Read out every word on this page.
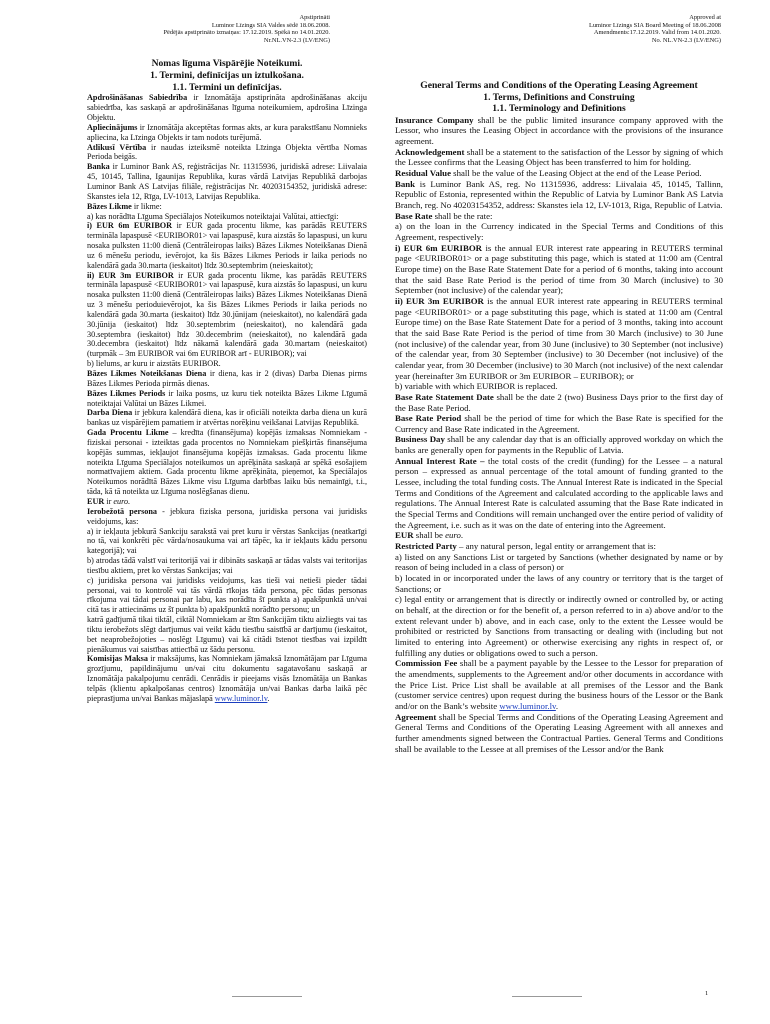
Apstiprināti
Luminor Līzings SIA Valdes sēdē 18.06.2008.
Pēdējās apstiprināto izmaiņas: 17.12.2019. Spēkā no 14.01.2020.
Nr.NL.VN-2.3 (LV/ENG)
Approved at
Luminor Līzings SIA Board Meeting of 18.06.2008
Amendments:17.12.2019. Valid from 14.01.2020.
No. NL.VN-2.3 (LV/ENG)
Nomas līguma Vispārējie Noteikumi.
1. Termini, definīcijas un iztulkošana.
1.1. Termini un definīcijas.

Apdrošināšanas Sabiedrība ir Iznomātāja apstiprināta apdrošināšanas akciju sabiedrība, kas saskaņā ar apdrošināšanas līguma noteikumiem, apdrošina Līzinga Objektu.

Apliecinājums ir Iznomātāja akceptētas formas akts, ar kura parakstīšanu Nomnieks apliecina, ka Līzinga Objekts ir tam nodots turējumā.

Atlikusī Vērtība ir naudas izteiksmē noteikta Līzinga Objekta vērtība Nomas Perioda beigās.

Banka ir Luminor Bank AS, reģistrācijas Nr. 11315936, juridiskā adrese: Liivalaia 45, 10145, Tallina, Igaunijas Republika, kuras vārdā Latvijas Republikā darbojas Luminor Bank AS Latvijas filiāle, reģistrācijas Nr. 40203154352, juridiskā adrese: Skanstes iela 12, Rīga, LV-1013, Latvijas Republika.

Bāzes Likme ir likme:

a) kas norādīta Līguma Speciālajos Noteikumos noteiktajai Valūtai, attiecīgi:

i) EUR 6m EURIBOR ir EUR gada procentu likme, kas parādās REUTERS termināla lapaspusē <EURIBOR01> vai lapaspusē, kura aizstās šo lapaspusi, un kuru nosaka pulksten 11:00 dienā (Centrāleiropas laiks) Bāzes Likmes Noteikšanas Dienā uz 6 mēnešu periodu, ievērojot, ka šis Bāzes Likmes Periods ir laika periods no kalendārā gada 30.marta (ieskaitot) līdz 30.septembrim (neieskaitot);

ii) EUR 3m EURIBOR ir EUR gada procentu likme, kas parādās REUTERS termināla lapaspusē <EURIBOR01> vai lapaspusē, kura aizstās šo lapaspusi, un kuru nosaka pulksten 11:00 dienā (Centrāleiropas laiks) Bāzes Likmes Noteikšanas Dienā uz 3 mēnešu perioduievērojot, ka šis Bāzes Likmes Periods ir laika periods no kalendārā gada 30.marta (ieskaitot) līdz 30.jūnijam (neieskaitot), no kalendārā gada 30.jūnija (ieskaitot) līdz 30.septembrim (neieskaitot), no kalendārā gada 30.septembra (ieskaitot) līdz 30.decembrim (neieskaitot), no kalendārā gada 30.decembra (ieskaitot) līdz nākamā kalendārā gada 30.martam (neieskaitot) (turpmāk – 3m EURIBOR vai 6m EURIBOR arī - EURIBOR); vai

b) lielums, ar kuru ir aizstāts EURIBOR.

Bāzes Likmes Noteikšanas Diena ir diena, kas ir 2 (divas) Darba Dienas pirms Bāzes Likmes Perioda pirmās dienas.

Bāzes Likmes Periods ir laika posms, uz kuru tiek noteikta Bāzes Likme Līgumā noteiktajai Valūtai un Bāzes Likmei.

Darba Diena ir jebkura kalendārā diena, kas ir oficiāli noteikta darba diena un kurā bankas uz vispārējiem pamatiem ir atvērtas norēķinu veikšanai Latvijas Republikā.

Gada Procentu Likme – kredīta (finansējuma) kopējās izmaksas Nomniekam - fiziskai personai - izteiktas gada procentos no Nomniekam piešķirtās finansējuma kopējās summas, iekļaujot finansējuma kopējās izmaksas. Gada procentu likme noteikta Līguma Speciālajos noteikumos un aprēķināta saskaņā ar spēkā esošajiem normatīvajiem aktiem. Gada procentu likme aprēķināta, pieņemot, ka Speciālajos Noteikumos norādītā Bāzes Likme visu Līguma darbības laiku būs nemainīgi, t.i., tāda, kā tā noteikta uz Līguma noslēgšanas dienu.

EUR ir euro.

Ierobežotā persona - jebkura fiziska persona, juridiska persona vai juridisks veidojums, kas:

a) ir iekļauta jebkurā Sankciju sarakstā vai pret kuru ir vērstas Sankcijas (neatkarīgi no tā, vai konkrēti pēc vārda/nosaukuma vai arī tāpēc, ka ir iekļauts kādu personu kategorijā); vai

b) atrodas tādā valstī vai teritorijā vai ir dibināts saskaņā ar tādas valsts vai teritorijas tiesību aktiem, pret ko vērstas Sankcijas; vai

c) juridiska persona vai juridisks veidojums, kas tieši vai netieši pieder tādai personai, vai to kontrolē vai tās vārdā rīkojas tāda persona, pēc tādas personas rīkojuma vai tādai personai par labu, kas norādīta šī punkta a) apakšpunktā un/vai citā tas ir attiecināms uz šī punkta b) apakšpunktā norādīto personu; un

katrā gadījumā tikai tiktāl, ciktāl Nomniekam ar šīm Sankcijām tiktu aizliegts vai tas tiktu ierobežots slēgt darījumus vai veikt kādu tiesību saistībā ar darījumu (ieskaitot, bet neaprobežojoties – noslēgt Līgumu) vai kā citādi īstenot tiesības vai izpildīt pienākumus vai saistības attiecībā uz šādu personu.

Komisijas Maksa ir maksājums, kas Nomniekam jāmaksā Iznomātājam par Līguma grozījumu, papildinājumu un/vai citu dokumentu sagatavošanu saskaņā ar Iznomātāja pakalpojumu cenrādi. Cenrādis ir pieejams visās Iznomātāja un Bankas telpās (klientu apkalpošanas centros) Iznomātāja un/vai Bankas darba laikā pēc pieprasījuma un/vai Bankas mājaslapā www.luminor.lv.

General Terms and Conditions of the Operating Leasing Agreement
1. Terms, Definitions and Construing
1.1. Terminology and Definitions

Insurance Company shall be the public limited insurance company approved with the Lessor, who insures the Leasing Object in accordance with the provisions of the insurance agreement.

Acknowledgement shall be a statement to the satisfaction of the Lessor by signing of which the Lessee confirms that the Leasing Object has been transferred to him for holding.

Residual Value shall be the value of the Leasing Object at the end of the Lease Period.

Bank is Luminor Bank AS, reg. No 11315936, address: Liivalaia 45, 10145, Tallinn, Republic of Estonia, represented within the Republic of Latvia by Luminor Bank AS Latvia Branch, reg. No 40203154352, address: Skanstes iela 12, LV-1013, Riga, Republic of Latvia.

Base Rate shall be the rate:

a) on the loan in the Currency indicated in the Special Terms and Conditions of this Agreement, respectively:

i) EUR 6m EURIBOR is the annual EUR interest rate appearing in REUTERS terminal page <EURIBOR01> or a page substituting this page, which is stated at 11:00 am (Central Europe time) on the Base Rate Statement Date for a period of 6 months, taking into account that the said Base Rate Period is the period of time from 30 March (inclusive) to 30 September (not inclusive) of the calendar year);

ii) EUR 3m EURIBOR is the annual EUR interest rate appearing in REUTERS terminal page <EURIBOR01> or a page substituting this page, which is stated at 11:00 am (Central Europe time) on the Base Rate Statement Date for a period of 3 months, taking into account that the said Base Rate Period is the period of time from 30 March (inclusive) to 30 June (not inclusive) of the calendar year, from 30 June (inclusive) to 30 September (not inclusive) of the calendar year, from 30 September (inclusive) to 30 December (not inclusive) of the calendar year, from 30 December (inclusive) to 30 March (not inclusive) of the next calendar year (hereinafter 3m EURIBOR or 3m EURIBOR – EURIBOR); or

b) variable with which EURIBOR is replaced.

Base Rate Statement Date shall be the date 2 (two) Business Days prior to the first day of the Base Rate Period.

Base Rate Period shall be the period of time for which the Base Rate is specified for the Currency and Base Rate indicated in the Agreement.

Business Day shall be any calendar day that is an officially approved workday on which the banks are generally open for payments in the Republic of Latvia.

Annual Interest Rate – the total costs of the credit (funding) for the Lessee – a natural person – expressed as annual percentage of the total amount of funding granted to the Lessee, including the total funding costs. The Annual Interest Rate is indicated in the Special Terms and Conditions of the Agreement and calculated according to the applicable laws and regulations. The Annual Interest Rate is calculated assuming that the Base Rate indicated in the Special Terms and Conditions will remain unchanged over the entire period of validity of the Agreement, i.e. such as it was on the date of entering into the Agreement.

EUR shall be euro.

Restricted Party – any natural person, legal entity or arrangement that is:

a) listed on any Sanctions List or targeted by Sanctions (whether designated by name or by reason of being included in a class of person) or

b) located in or incorporated under the laws of any country or territory that is the target of Sanctions; or

c) legal entity or arrangement that is directly or indirectly owned or controlled by, or acting on behalf, at the direction or for the benefit of, a person referred to in a) above and/or to the extent relevant under b) above, and in each case, only to the extent the Lessee would be prohibited or restricted by Sanctions from transacting or dealing with (including but not limited to entering into Agreement) or otherwise exercising any rights in respect of, or fulfilling any duties or obligations owed to such a person.

Commission Fee shall be a payment payable by the Lessee to the Lessor for preparation of the amendments, supplements to the Agreement and/or other documents in accordance with the Price List. Price List shall be available at all premises of the Lessor and the Bank (customer service centres) upon request during the business hours of the Lessor or the Bank and/or on the Bank’s website www.luminor.lv.

Agreement shall be Special Terms and Conditions of the Operating Leasing Agreement and General Terms and Conditions of the Operating Leasing Agreement with all annexes and further amendments signed between the Contractual Parties. General Terms and Conditions shall be available to the Lessee at all premises of the Lessor and/or the Bank

1
